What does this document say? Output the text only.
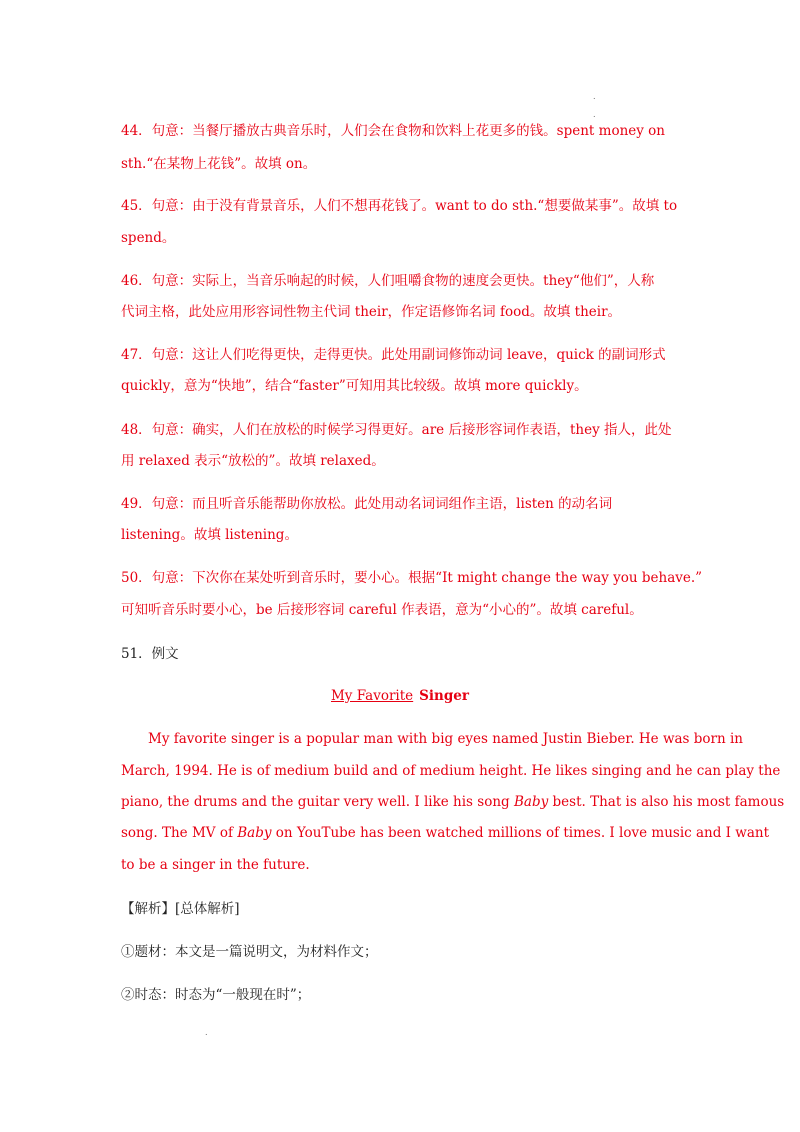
.
.
44．句意：当餐厅播放古典音乐时，人们会在食物和饮料上花更多的钱。spent money on
sth.“在某物上花钱”。故填 on。
45．句意：由于没有背景音乐，人们不想再花钱了。want to do sth.“想要做某事”。故填 to
spend。
46．句意：实际上，当音乐响起的时候，人们咀嚼食物的速度会更快。they“他们”，人称
代词主格，此处应用形容词性物主代词 their，作定语修饰名词 food。故填 their。
47．句意：这让人们吃得更快，走得更快。此处用副词修饰动词 leave，quick 的副词形式
quickly，意为“快地”，结合“faster”可知用其比较级。故填 more quickly。
48．句意：确实，人们在放松的时候学习得更好。are 后接形容词作表语，they 指人，此处
用 relaxed 表示“放松的”。故填 relaxed。
49．句意：而且听音乐能帮助你放松。此处用动名词词组作主语，listen 的动名词
listening。故填 listening。
50．句意：下次你在某处听到音乐时，要小心。根据“It might change the way you behave.”
可知听音乐时要小心，be 后接形容词 careful 作表语，意为“小心的”。故填 careful。
51．例文
My Favorite Singer
My favorite singer is a popular man with big eyes named Justin Bieber. He was born in
March, 1994. He is of medium build and of medium height. He likes singing and he can play the
piano, the drums and the guitar very well. I like his song Baby best. That is also his most famous
song. The MV of Baby on YouTube has been watched millions of times. I love music and I want
to be a singer in the future.
【解析】[总体解析]
①题材：本文是一篇说明文，为材料作文；
②时态：时态为“一般现在时”；
.
